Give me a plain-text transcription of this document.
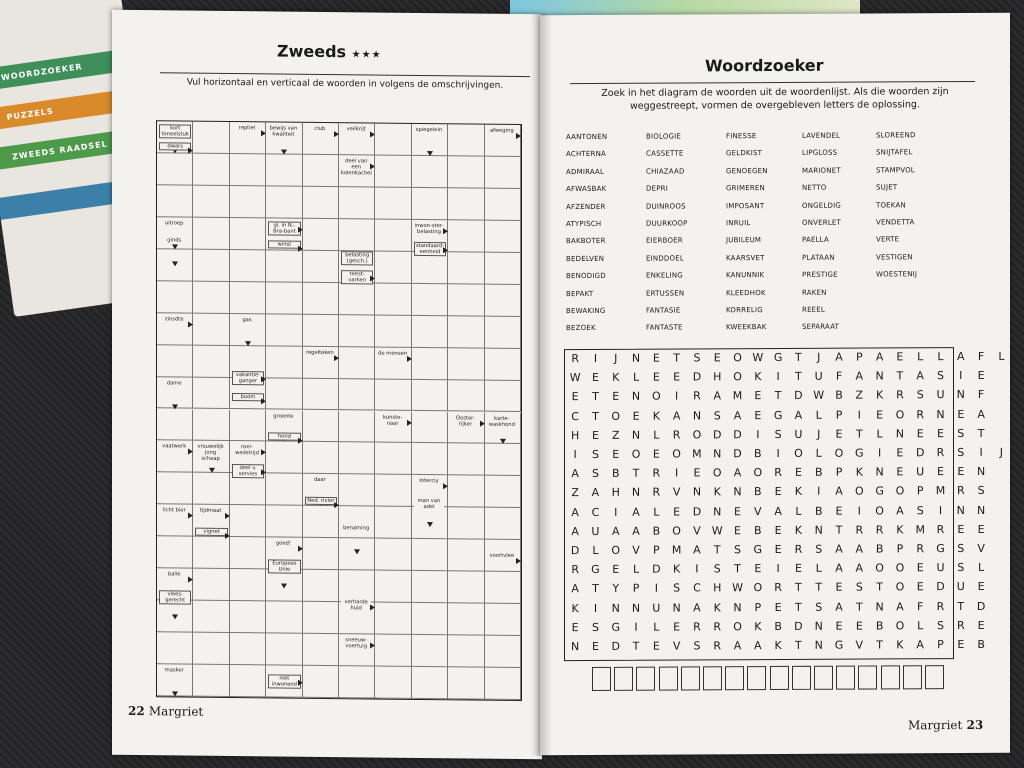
WOORDZOEKER
PUZZELS
ZWEEDS RAADSEL
Zweeds ★★★
Vul horizontaal en verticaal de woorden in volgens de omschrijvingen.
kort toneelstuk
dwars
reptiel	bewijs van kwaliteit
club	veilkrijt	spiegelein	afweging
deel van een kolenkachel
uitroep	gl. in N.-Bra-bant
inwon-ster-belasting
ginds
winst	standaard-eenheid
belasting (gesch.)
teest-varken
zinsdte	gas
regelteken	de mensen
dame
vakantie-ganger
boom
groente	kunste-naar
Ooster-rijker
karte-waskhond
hond
vaatwerk	vrouwelijk jong schaap
roei-wedstrijd
deel v. servies
daar	Interciy
Ned. rivier	man van adel
licht bier	tijdmaat
benaming
vignet
goed!
Europese Unie
voortvlee
balie
vlees-gerecht	verharde huid
sneeuw-voertuig
masker
niet inwonend
22 Margriet
Woordzoeker
Zoek in het diagram de woorden uit de woordenlijst. Als die woorden zijn weggestreept, vormen de overgebleven letters de oplossing.
AANTONEN
ACHTERNA
ADMIRAAL
AFWASBAK
AFZENDER
ATYPISCH
BAKBOTER
BEDELVEN
BENODIGD
BEPAKT
BEWAKING
BEZOEK
BIOLOGIE
CASSETTE
CHIAZAAD
DEPRI
DUINROOS
DUURKOOP
EIERBOER
EINDDOEL
ENKELING
ERTUSSEN
FANTASIE
FANTASTE
FINESSE
GELDKIST
GENOEGEN
GRIMEREN
IMPOSANT
INRUIL
JUBILEUM
KAARSVET
KANUNNIK
KLEEDHOK
KORRELIG
KWEEKBAK
LAVENDEL
LIPGLOSS
MARIONET
NETTO
ONGELDIG
ONVERLET
PAELLA
PLATAAN
PRESTIGE
RAKEN
REEEL
SEPARAAT
SLOREEND
SNIJTAFEL
STAMPVOL
SUJET
TOEKAN
VENDETTA
VERTE
VESTIGEN
WOESTENIJ
R	I	J	N	E	T	S	E	O W G	T	J	A	P	A	E	L	L	A	F	L
W	E	K	L	E	E	D	H	O	K	I	T	U	F	A	N	T	A	S	I	E
E	T	E	N	O	I	R	A	M	E	T	D W	B	Z	K	R	S	U	N	F
C	T	O	E	K	A	N	S	A	E	G	A	L	P	I	E	O	R	N	E	A
H	E	Z	N	L	R	O	D	D	I	S	U	J	E	T	L	N	E	E	S	T
I	S	E	O	E	O	M	N	D	B	I	O	L	O	G	I	E	D	R	S	I	J
A	S	B	T	R	I	E	O	A	O	R	E	B	P	K	N	E	U	E	E	N
Z	A	H	N	R	V	N	K	N	B	E	K	I	A	O	G	O	P	M	R	S
A	C	I	A	L	E	D	N	E	V	A	L	B	E	I	O	A	S	I	N	N
A	U	A	A	B	O	V	W	E	B	E	K	N	T	R	R	K	M	R	E	E
D	L	O	V	P	M	A	T	S	G	E	R	S	A	A	B	P	R	G	S	V
R	G	E	L	D	K	I	S	T	E	I	E	L	A	A	O	O	E	U	S	L
A	T	Y	P	I	S	C	H W O	R	T	T	E	S	T	O	E	D	U	E
K	I	N	N	U	N	A	K	N	P	E	T	S	A	T	N	A	F	R	T	D
E	S	G	I	L	E	R	R	O	K	B	D	N	E	E	B	O	L	S	R	E
N	E	D	T	E	V	S	R	A	A	K	T	N	G	V	T	K	A	P	E	B
Margriet 23
